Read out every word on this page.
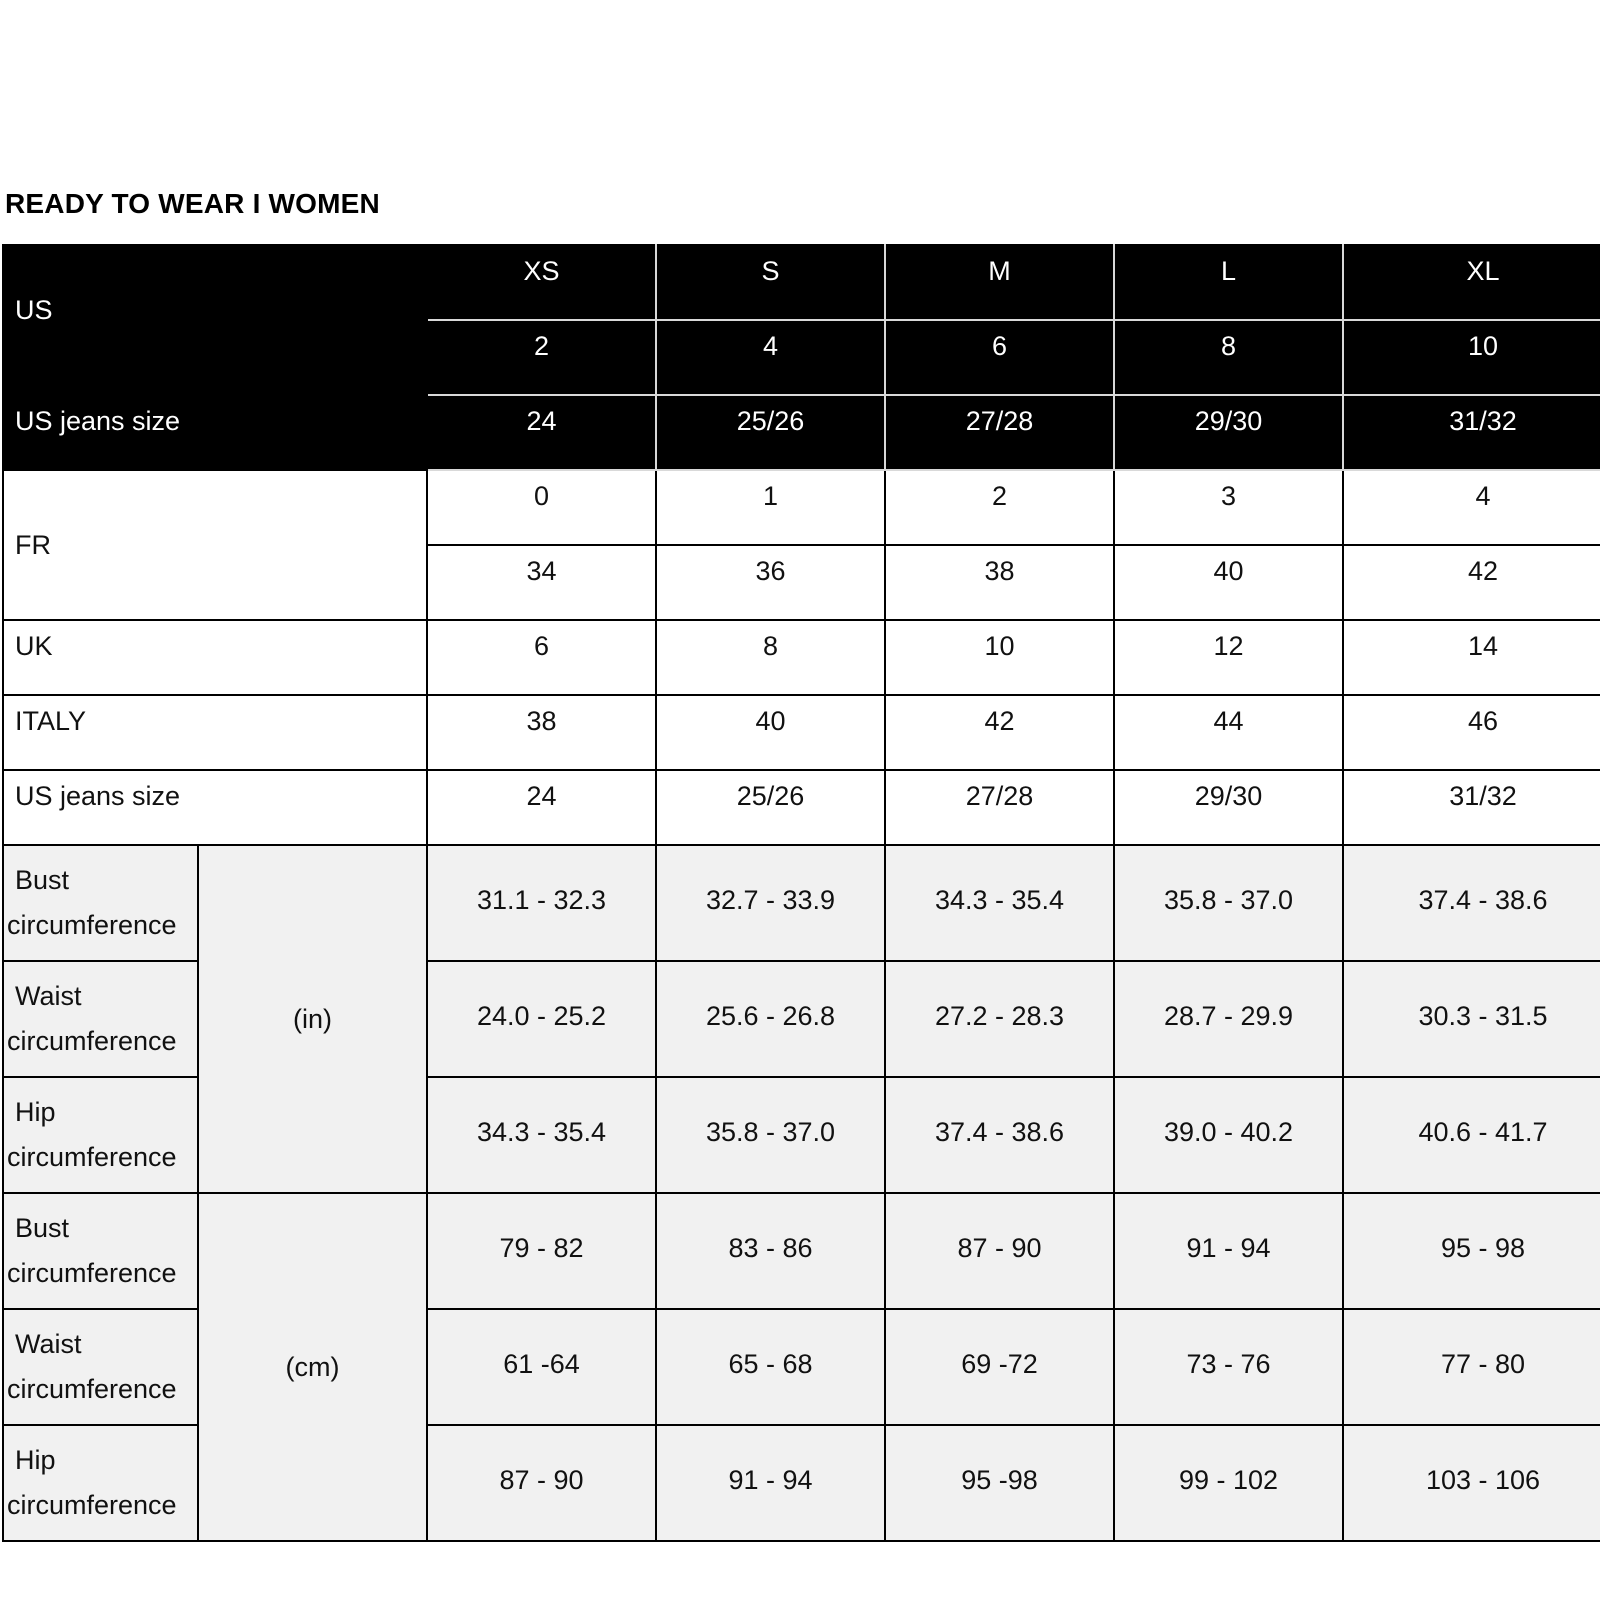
READY TO WEAR I WOMEN
US		XS	S	M	L	XL
		2	4	6	8	10
US jeans size		24	25/26	27/28	29/30	31/32
FR		0	1	2	3	4
		34	36	38	40	42
UK		6	8	10	12	14
ITALY		38	40	42	44	46
US jeans size		24	25/26	27/28	29/30	31/32

Bust
circumference	(in)	31.1 - 32.3	32.7 - 33.9	34.3 - 35.4	35.8 - 37.0	37.4 - 38.6

Waist
circumference		24.0 - 25.2	25.6 - 26.8	27.2 - 28.3	28.7 - 29.9	30.3 - 31.5

Hip
circumference		34.3 - 35.4	35.8 - 37.0	37.4 - 38.6	39.0 - 40.2	40.6 - 41.7

Bust
circumference	(cm)	79 - 82	83 - 86	87 - 90	91 - 94	95 - 98

Waist
circumference		61 -64	65 - 68	69 -72	73 - 76	77 - 80

Hip
circumference		87 - 90	91 - 94	95 -98	99 - 102	103 - 106
